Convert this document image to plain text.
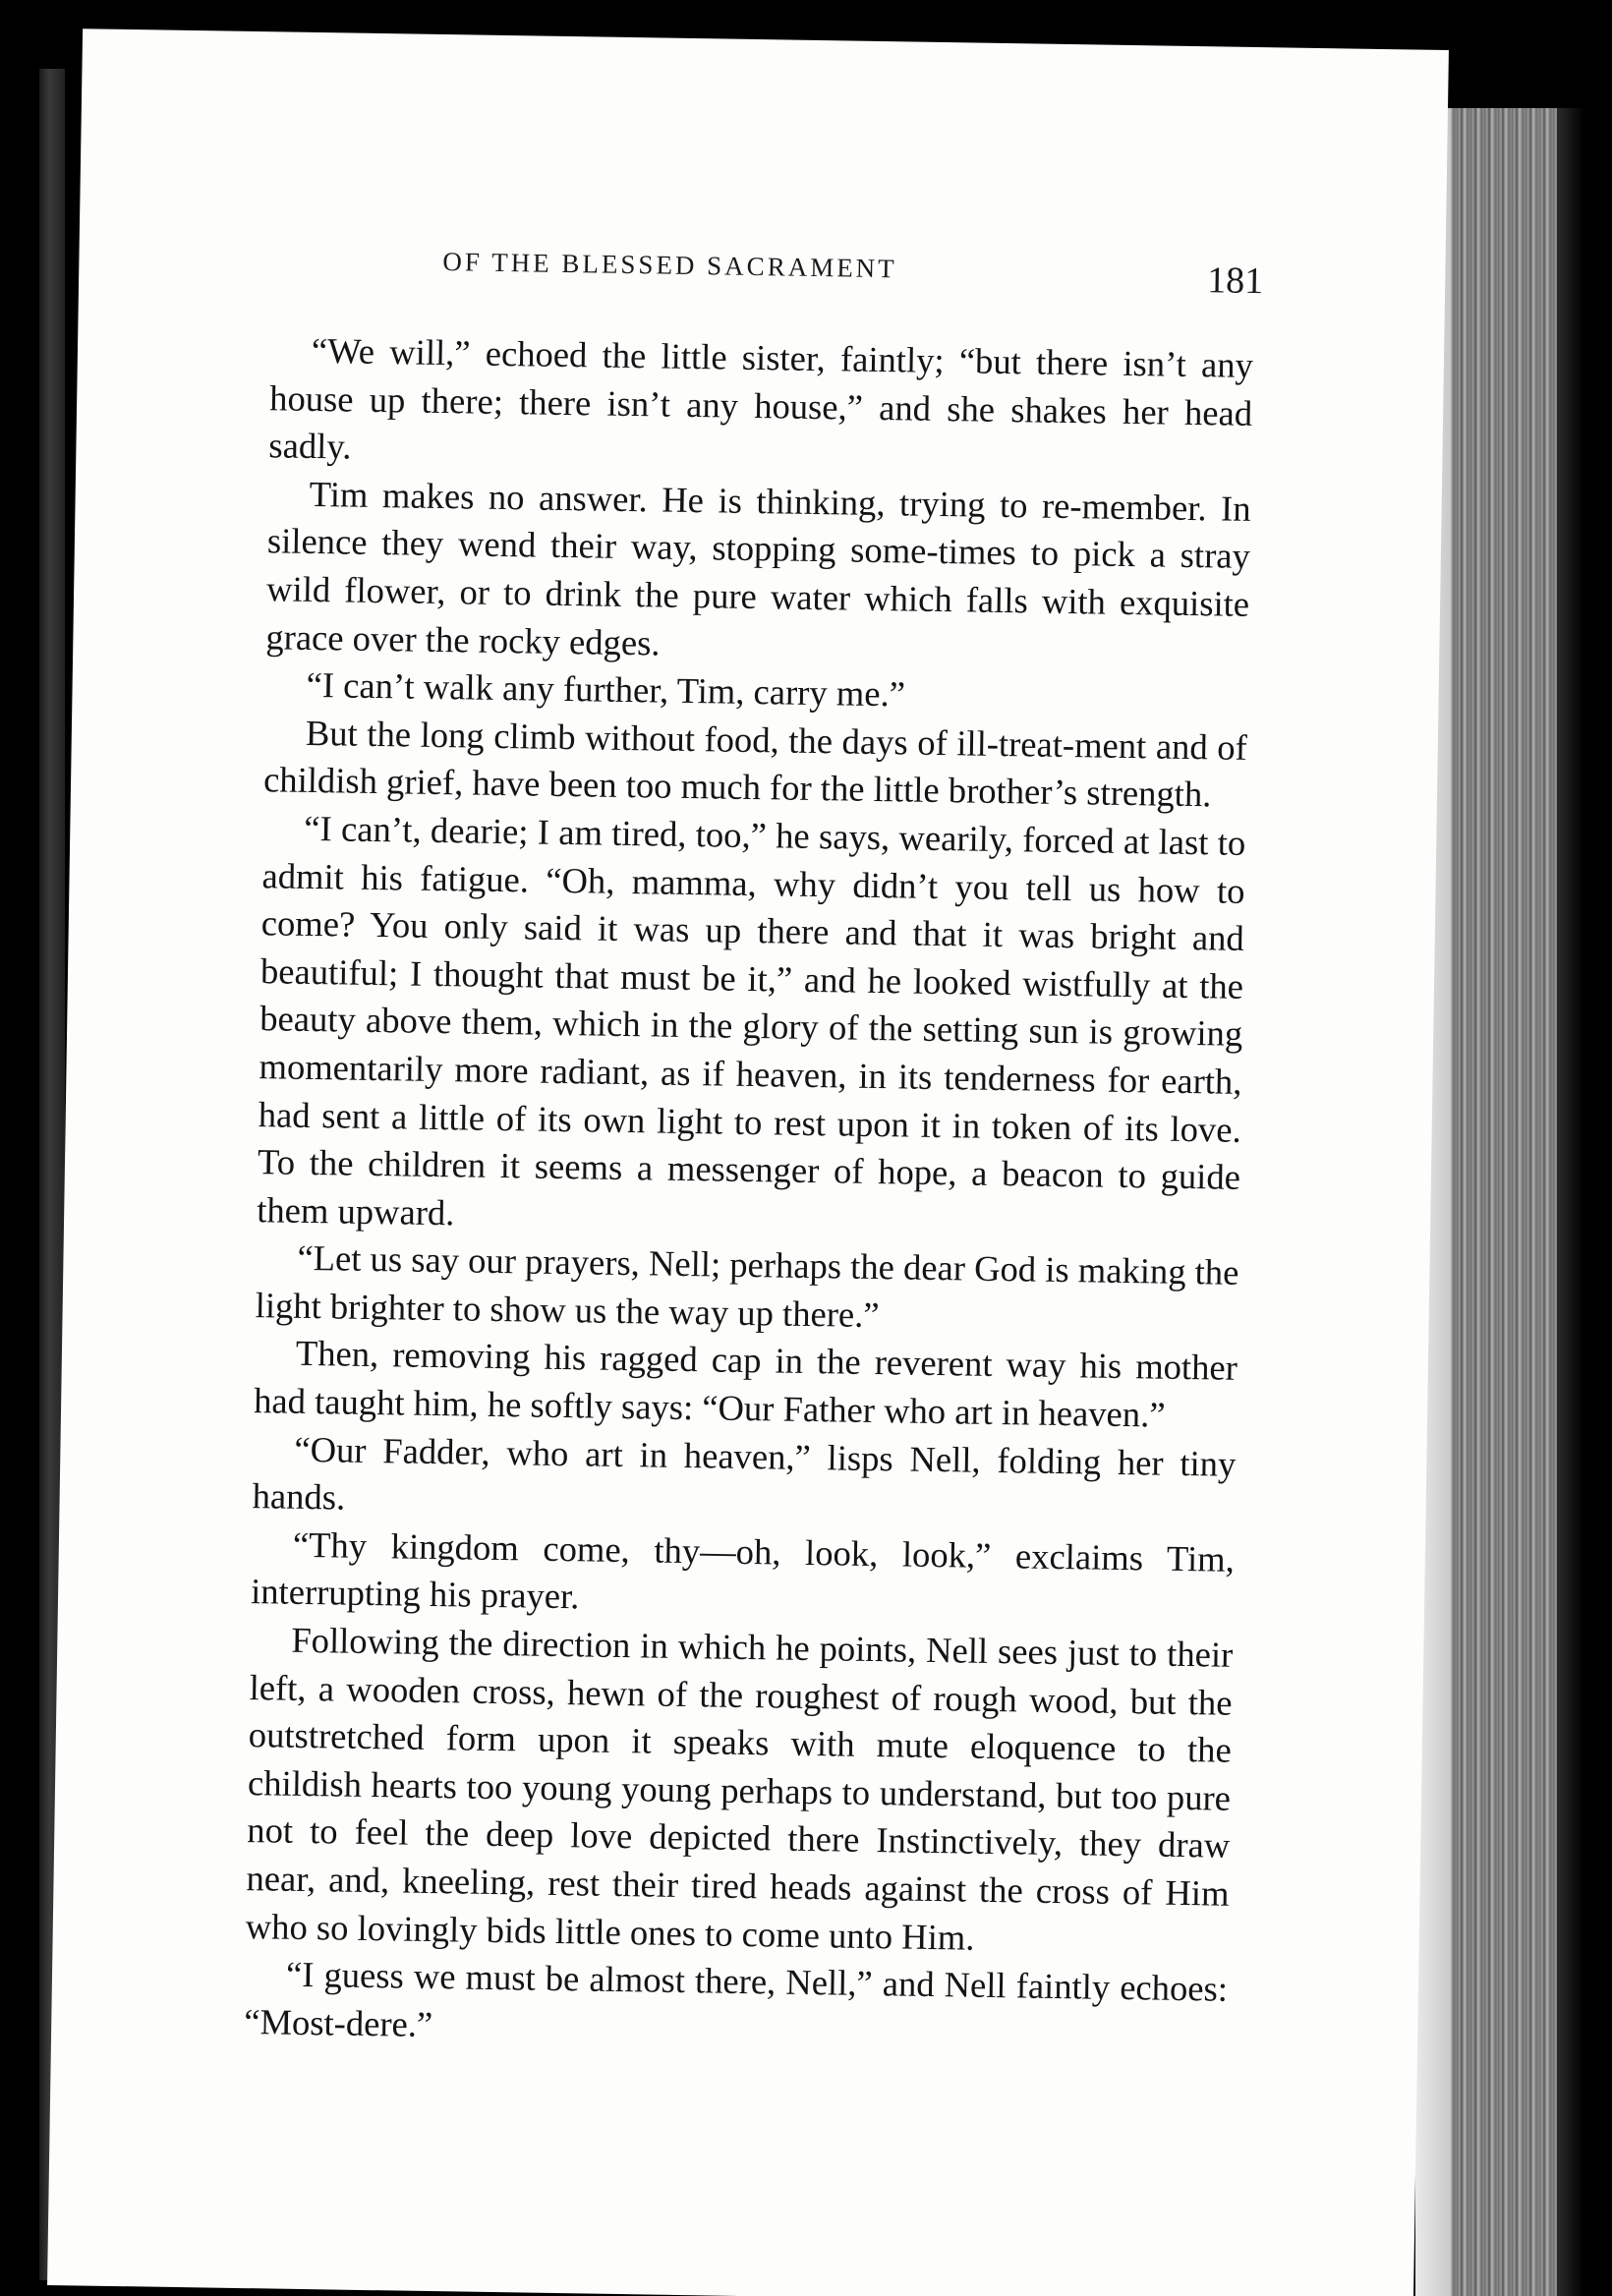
OF THE BLESSED SACRAMENT	181

“We will,” echoed the little sister, faintly; “but there isn’t any house up there; there isn’t any house,” and she shakes her head sadly.

Tim makes no answer. He is thinking, trying to re-member. In silence they wend their way, stopping some-times to pick a stray wild flower, or to drink the pure water which falls with exquisite grace over the rocky edges.

“I can’t walk any further, Tim, carry me.”

But the long climb without food, the days of ill-treat-ment and of childish grief, have been too much for the little brother’s strength.

“I can’t, dearie; I am tired, too,” he says, wearily, forced at last to admit his fatigue. “Oh, mamma, why didn’t you tell us how to come? You only said it was up there and that it was bright and beautiful; I thought that must be it,” and he looked wistfully at the beauty above them, which in the glory of the setting sun is growing momentarily more radiant, as if heaven, in its tenderness for earth, had sent a little of its own light to rest upon it in token of its love. To the children it seems a messenger of hope, a beacon to guide them upward.

“Let us say our prayers, Nell; perhaps the dear God is making the light brighter to show us the way up there.”

Then, removing his ragged cap in the reverent way his mother had taught him, he softly says: “Our Father who art in heaven.”

“Our Fadder, who art in heaven,” lisps Nell, folding her tiny hands.

“Thy kingdom come, thy—oh, look, look,” exclaims Tim, interrupting his prayer.

Following the direction in which he points, Nell sees just to their left, a wooden cross, hewn of the roughest of rough wood, but the outstretched form upon it speaks with mute eloquence to the childish hearts too young young perhaps to understand, but too pure not to feel the deep love depicted there Instinctively, they draw near, and, kneeling, rest their tired heads against the cross of Him who so lovingly bids little ones to come unto Him.

“I guess we must be almost there, Nell,” and Nell faintly echoes: “Most-dere.”
